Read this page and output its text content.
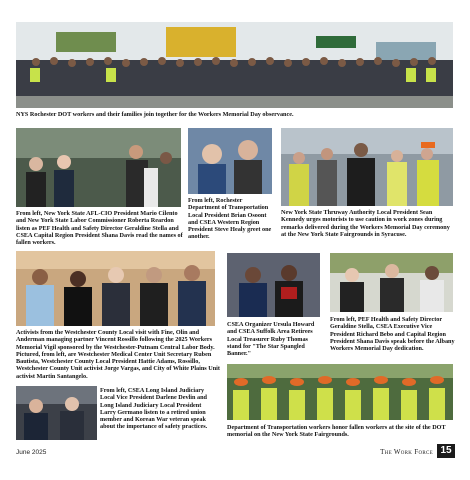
NYS Rochester DOT workers and their families join together for the Workers Memorial Day observance.
From left, New York State AFL-CIO President Mario Cilento and New York State Labor Commissioner Roberta Reardon listen as PEF Health and Safety Director Geraldine Stella and CSEA Capital Region President Shana Davis read the names of fallen workers.
From left, Rochester Department of Transportation Local President Brian Osoont and CSEA Western Region President Steve Healy greet one another.
New York State Thruway Authority Local President Sean Kennedy urges motorists to use caution in work zones during remarks delivered during the Workers Memorial Day ceremony at the New York State Fairgrounds in Syracuse.
Activists from the Westchester County Local visit with Fine, Olin and Anderman managing partner Vincent Rossillo following the 2025 Workers Memorial Vigil sponsored by the Westchester-Putnam Central Labor Body. Pictured, from left, are Westchester Medical Center Unit Secretary Ruben Bautista, Westchester County Local President Hattie Adams, Rossillo, Westchester County Unit activist Jorge Vargas, and City of White Plains Unit activist Martin Santangelo.
CSEA Organizer Ursula Howard and CSEA Suffolk Area Retirees Local Treasurer Ruby Thomas stand for "The Star Spangled Banner."
From left, PEF Health and Safety Director Geraldine Stella, CSEA Executive Vice President Richard Bebo and Capital Region President Shana Davis speak before the Albany Workers Memorial Day dedication.
From left, CSEA Long Island Judiciary Local Vice President Darlene Devlin and Long Island Judiciary Local President Larry Germano listen to a retired union member and Korean War veteran speak about the importance of safety practices.	Department of Transportation workers honor fallen workers at the site of the DOT memorial on the New York State Fairgrounds.
June 2025	The Work Force 15
